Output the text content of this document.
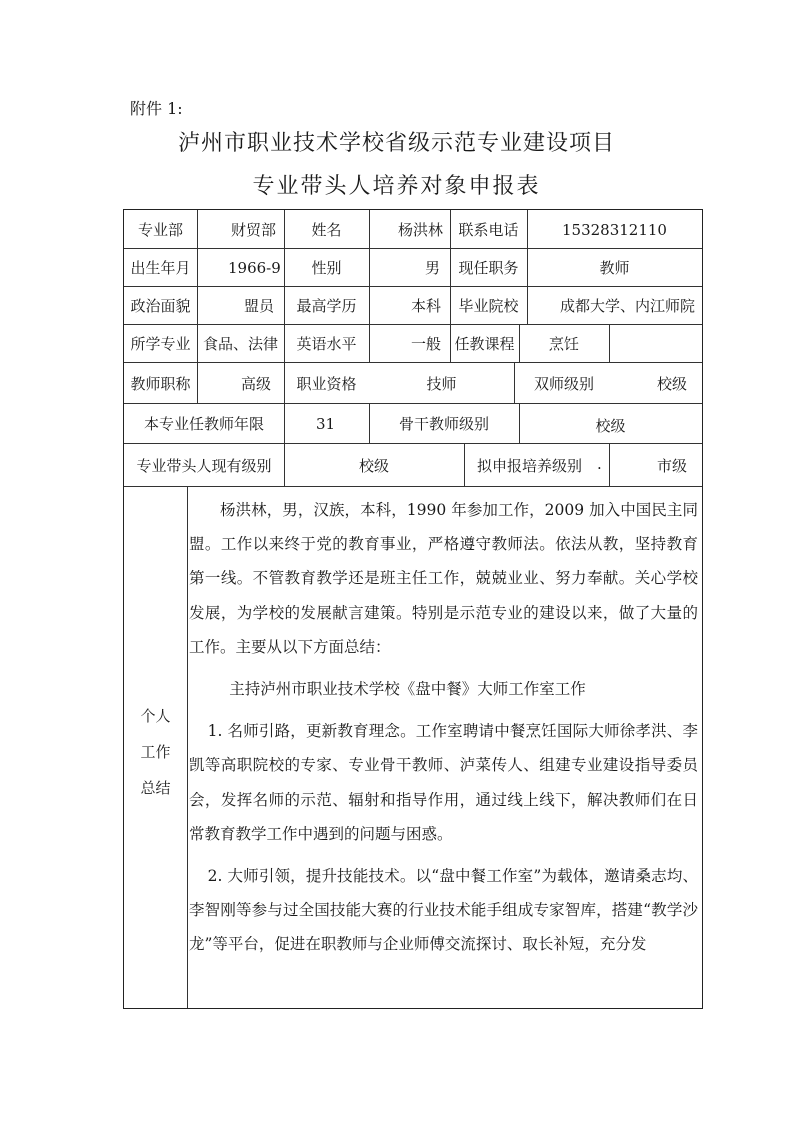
附件 1:
泸州市职业技术学校省级示范专业建设项目
专业带头人培养对象申报表
专业部	财贸部	姓名	杨洪林	联系电话	15328312110
出生年月	1966-9	性别	男	现任职务	教师
政治面貌	盟员	最高学历	本科	毕业院校	成都大学、内江师院
所学专业 食品、法律	英语水平	一般 任教课程	烹饪
教师职称	高级	职业资格	技师	双师级别	校级
本专业任教师年限	31	骨干教师级别	校级
专业带头人现有级别	校级	拟申报培养级别 .	市级
个人
工作
总结

杨洪林，男，汉族，本科，1990 年参加工作，2009 加入中国民主同盟。工作以来终于党的教育事业，严格遵守教师法。依法从教，坚持教育第一线。不管教育教学还是班主任工作，兢兢业业、努力奉献。关心学校发展，为学校的发展献言建策。特别是示范专业的建设以来，做了大量的工作。主要从以下方面总结：

主持泸州市职业技术学校《盘中餐》大师工作室工作

1. 名师引路，更新教育理念。工作室聘请中餐烹饪国际大师徐孝洪、李凯等高职院校的专家、专业骨干教师、泸菜传人、组建专业建设指导委员会，发挥名师的示范、辐射和指导作用，通过线上线下，解决教师们在日常教育教学工作中遇到的问题与困惑。

2. 大师引领，提升技能技术。以“盘中餐工作室”为载体，邀请桑志均、李智刚等参与过全国技能大赛的行业技术能手组成专家智库，搭建“教学沙龙”等平台，促进在职教师与企业师傅交流探讨、取长补短，充分发
